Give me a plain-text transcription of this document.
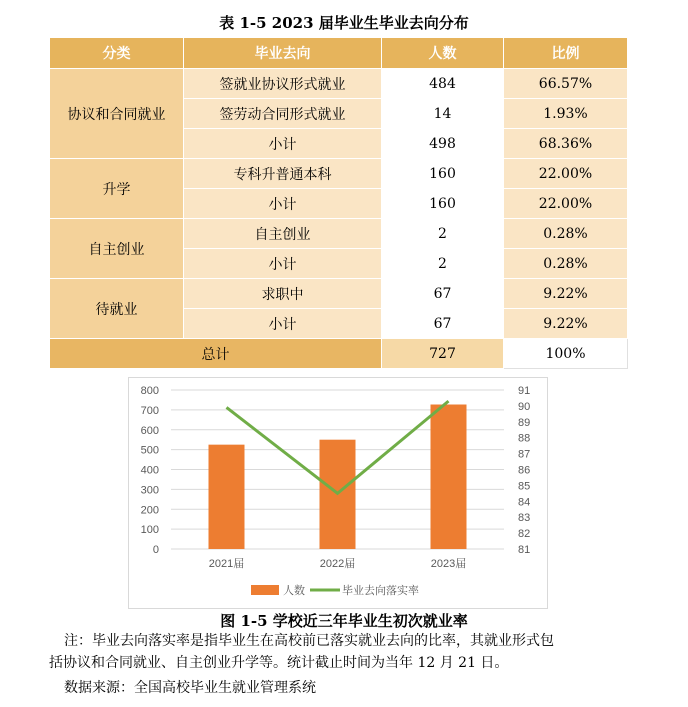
表 1-5 2023 届毕业生毕业去向分布
分类	毕业去向	人数	比例
协议和合同就业	签就业协议形式就业	484	66.57%
	签劳动合同形式就业	14	1.93%
	小计	498	68.36%
升学	专科升普通本科	160	22.00%
	小计	160	22.00%
自主创业	自主创业	2	0.28%
	小计	2	0.28%
待就业	求职中	67	9.22%
	小计	67	9.22%
总计		727	100%
0
100
200
300
400
500
600
700
800
81
82
83
84
85
86
87
88
89
90
91
2021届	2022届	2023届
人数	毕业去向落实率
图 1-5 学校近三年毕业生初次就业率
注：毕业去向落实率是指毕业生在高校前已落实就业去向的比率，其就业形式包
括协议和合同就业、自主创业升学等。统计截止时间为当年 12 月 21 日。
数据来源：全国高校毕业生就业管理系统
